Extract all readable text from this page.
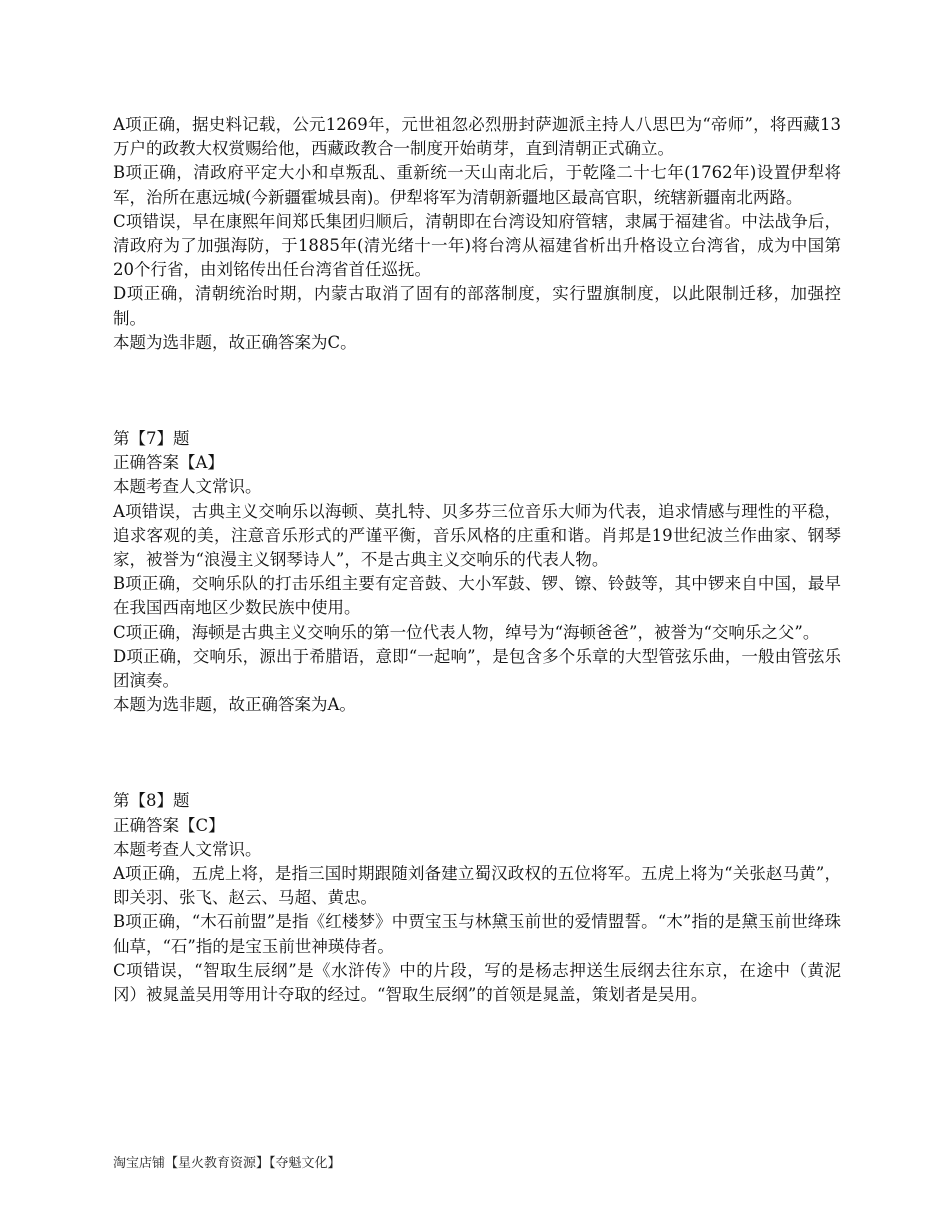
A项正确，据史料记载，公元1269年，元世祖忽必烈册封萨迦派主持人八思巴为“帝师”，将西藏13万户的政教大权赏赐给他，西藏政教合一制度开始萌芽，直到清朝正式确立。

B项正确，清政府平定大小和卓叛乱、重新统一天山南北后，于乾隆二十七年(1762年)设置伊犁将军，治所在惠远城(今新疆霍城县南)。伊犁将军为清朝新疆地区最高官职，统辖新疆南北两路。

C项错误，早在康熙年间郑氏集团归顺后，清朝即在台湾设知府管辖，隶属于福建省。中法战争后，清政府为了加强海防，于1885年(清光绪十一年)将台湾从福建省析出升格设立台湾省，成为中国第20个行省，由刘铭传出任台湾省首任巡抚。

D项正确，清朝统治时期，内蒙古取消了固有的部落制度，实行盟旗制度，以此限制迁移，加强控制。

本题为选非题，故正确答案为C。

第【7】题

正确答案【A】

本题考查人文常识。

A项错误，古典主义交响乐以海顿、莫扎特、贝多芬三位音乐大师为代表，追求情感与理性的平稳，追求客观的美，注意音乐形式的严谨平衡，音乐风格的庄重和谐。肖邦是19世纪波兰作曲家、钢琴家，被誉为“浪漫主义钢琴诗人”，不是古典主义交响乐的代表人物。

B项正确，交响乐队的打击乐组主要有定音鼓、大小军鼓、锣、镲、铃鼓等，其中锣来自中国，最早在我国西南地区少数民族中使用。

C项正确，海顿是古典主义交响乐的第一位代表人物，绰号为“海顿爸爸”，被誉为“交响乐之父”。

D项正确，交响乐，源出于希腊语，意即“一起响”，是包含多个乐章的大型管弦乐曲，一般由管弦乐团演奏。

本题为选非题，故正确答案为A。

第【8】题

正确答案【C】

本题考查人文常识。

A项正确，五虎上将，是指三国时期跟随刘备建立蜀汉政权的五位将军。五虎上将为“关张赵马黄”，即关羽、张飞、赵云、马超、黄忠。

B项正确，“木石前盟”是指《红楼梦》中贾宝玉与林黛玉前世的爱情盟誓。“木”指的是黛玉前世绛珠仙草，“石”指的是宝玉前世神瑛侍者。

C项错误，“智取生辰纲”是《水浒传》中的片段，写的是杨志押送生辰纲去往东京，在途中（黄泥冈）被晁盖吴用等用计夺取的经过。“智取生辰纲”的首领是晁盖，策划者是吴用。

淘宝店铺【星火教育资源】【夺魁文化】
